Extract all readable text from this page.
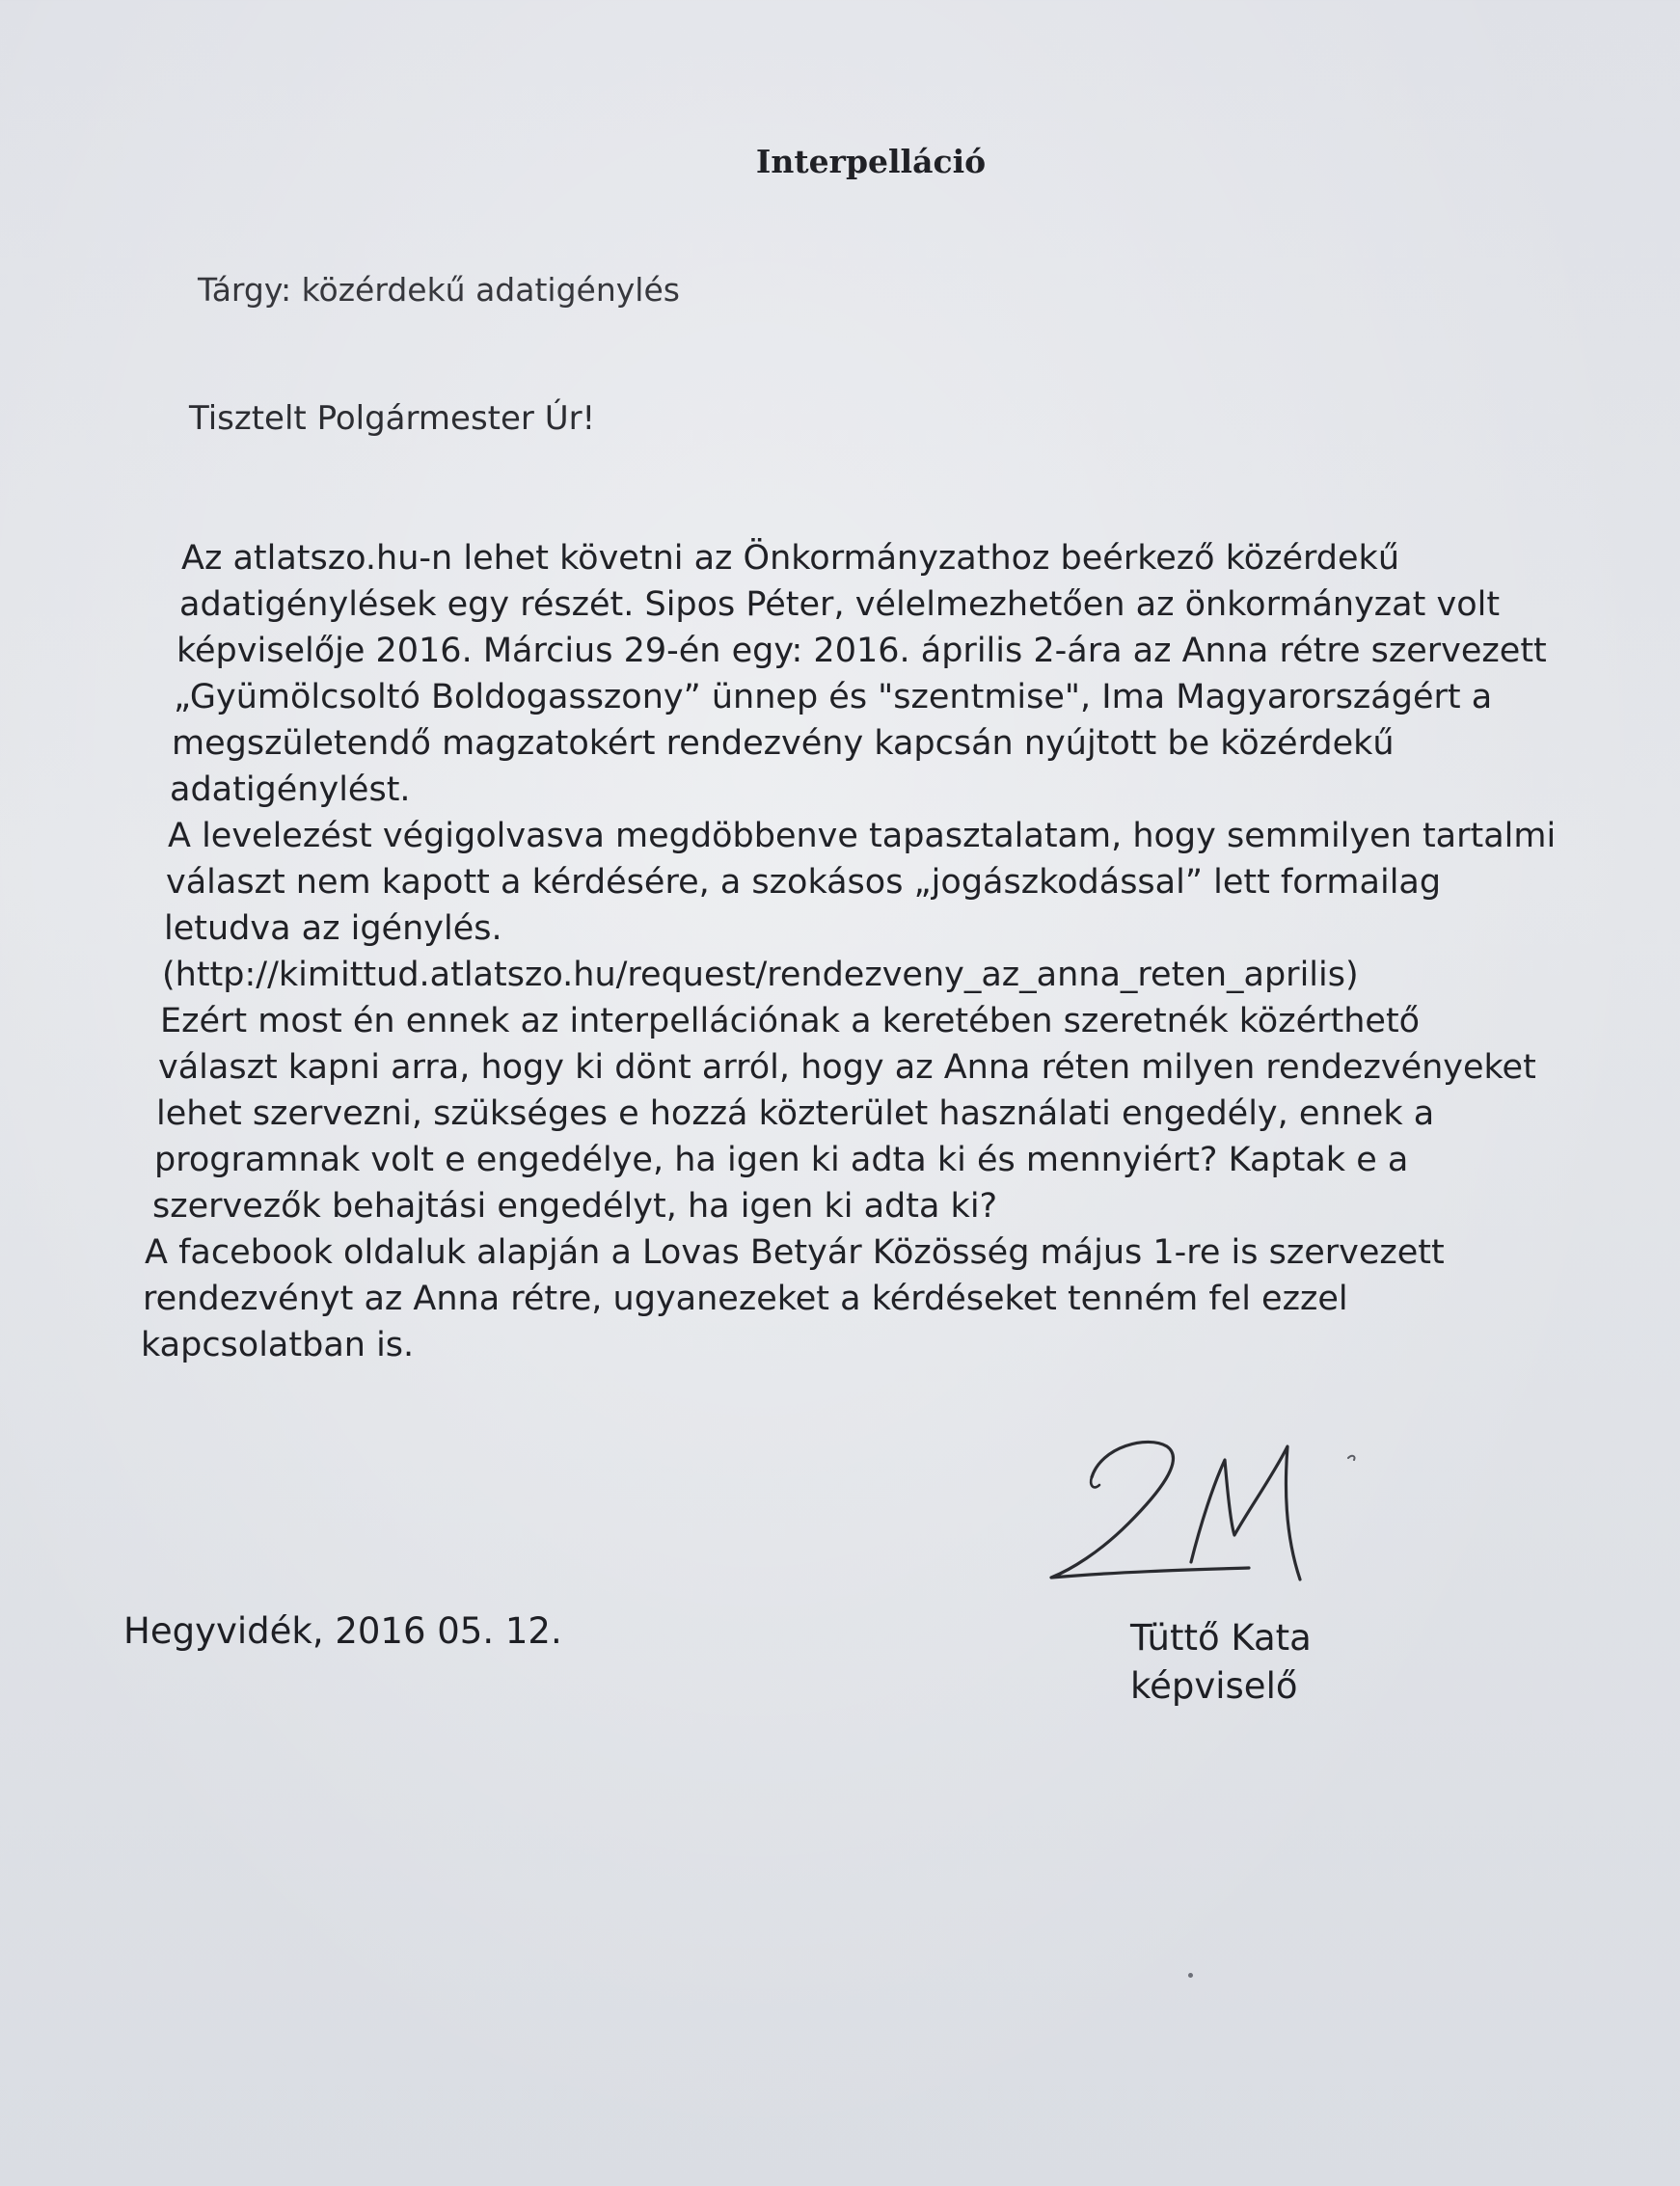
Interpelláció
Tárgy: közérdekű adatigénylés
Tisztelt Polgármester Úr!
Az atlatszo.hu-n lehet követni az Önkormányzathoz beérkező közérdekű
adatigénylések egy részét. Sipos Péter, vélelmezhetően az önkormányzat volt
képviselője 2016. Március 29-én egy: 2016. április 2-ára az Anna rétre szervezett
„Gyümölcsoltó Boldogasszony” ünnep és "szentmise", Ima Magyarországért a
megszületendő magzatokért rendezvény kapcsán nyújtott be közérdekű
adatigénylést.
A levelezést végigolvasva megdöbbenve tapasztalatam, hogy semmilyen tartalmi
választ nem kapott a kérdésére, a szokásos „jogászkodással” lett formailag
letudva az igénylés.
(http://kimittud.atlatszo.hu/request/rendezveny_az_anna_reten_aprilis)
Ezért most én ennek az interpellációnak a keretében szeretnék közérthető
választ kapni arra, hogy ki dönt arról, hogy az Anna réten milyen rendezvényeket
lehet szervezni, szükséges e hozzá közterület használati engedély, ennek a
programnak volt e engedélye, ha igen ki adta ki és mennyiért? Kaptak e a
szervezők behajtási engedélyt, ha igen ki adta ki?
A facebook oldaluk alapján a Lovas Betyár Közösség május 1-re is szervezett
rendezvényt az Anna rétre, ugyanezeket a kérdéseket tenném fel ezzel
kapcsolatban is.
Hegyvidék, 2016 05. 12.	Tüttő Kata
képviselő
